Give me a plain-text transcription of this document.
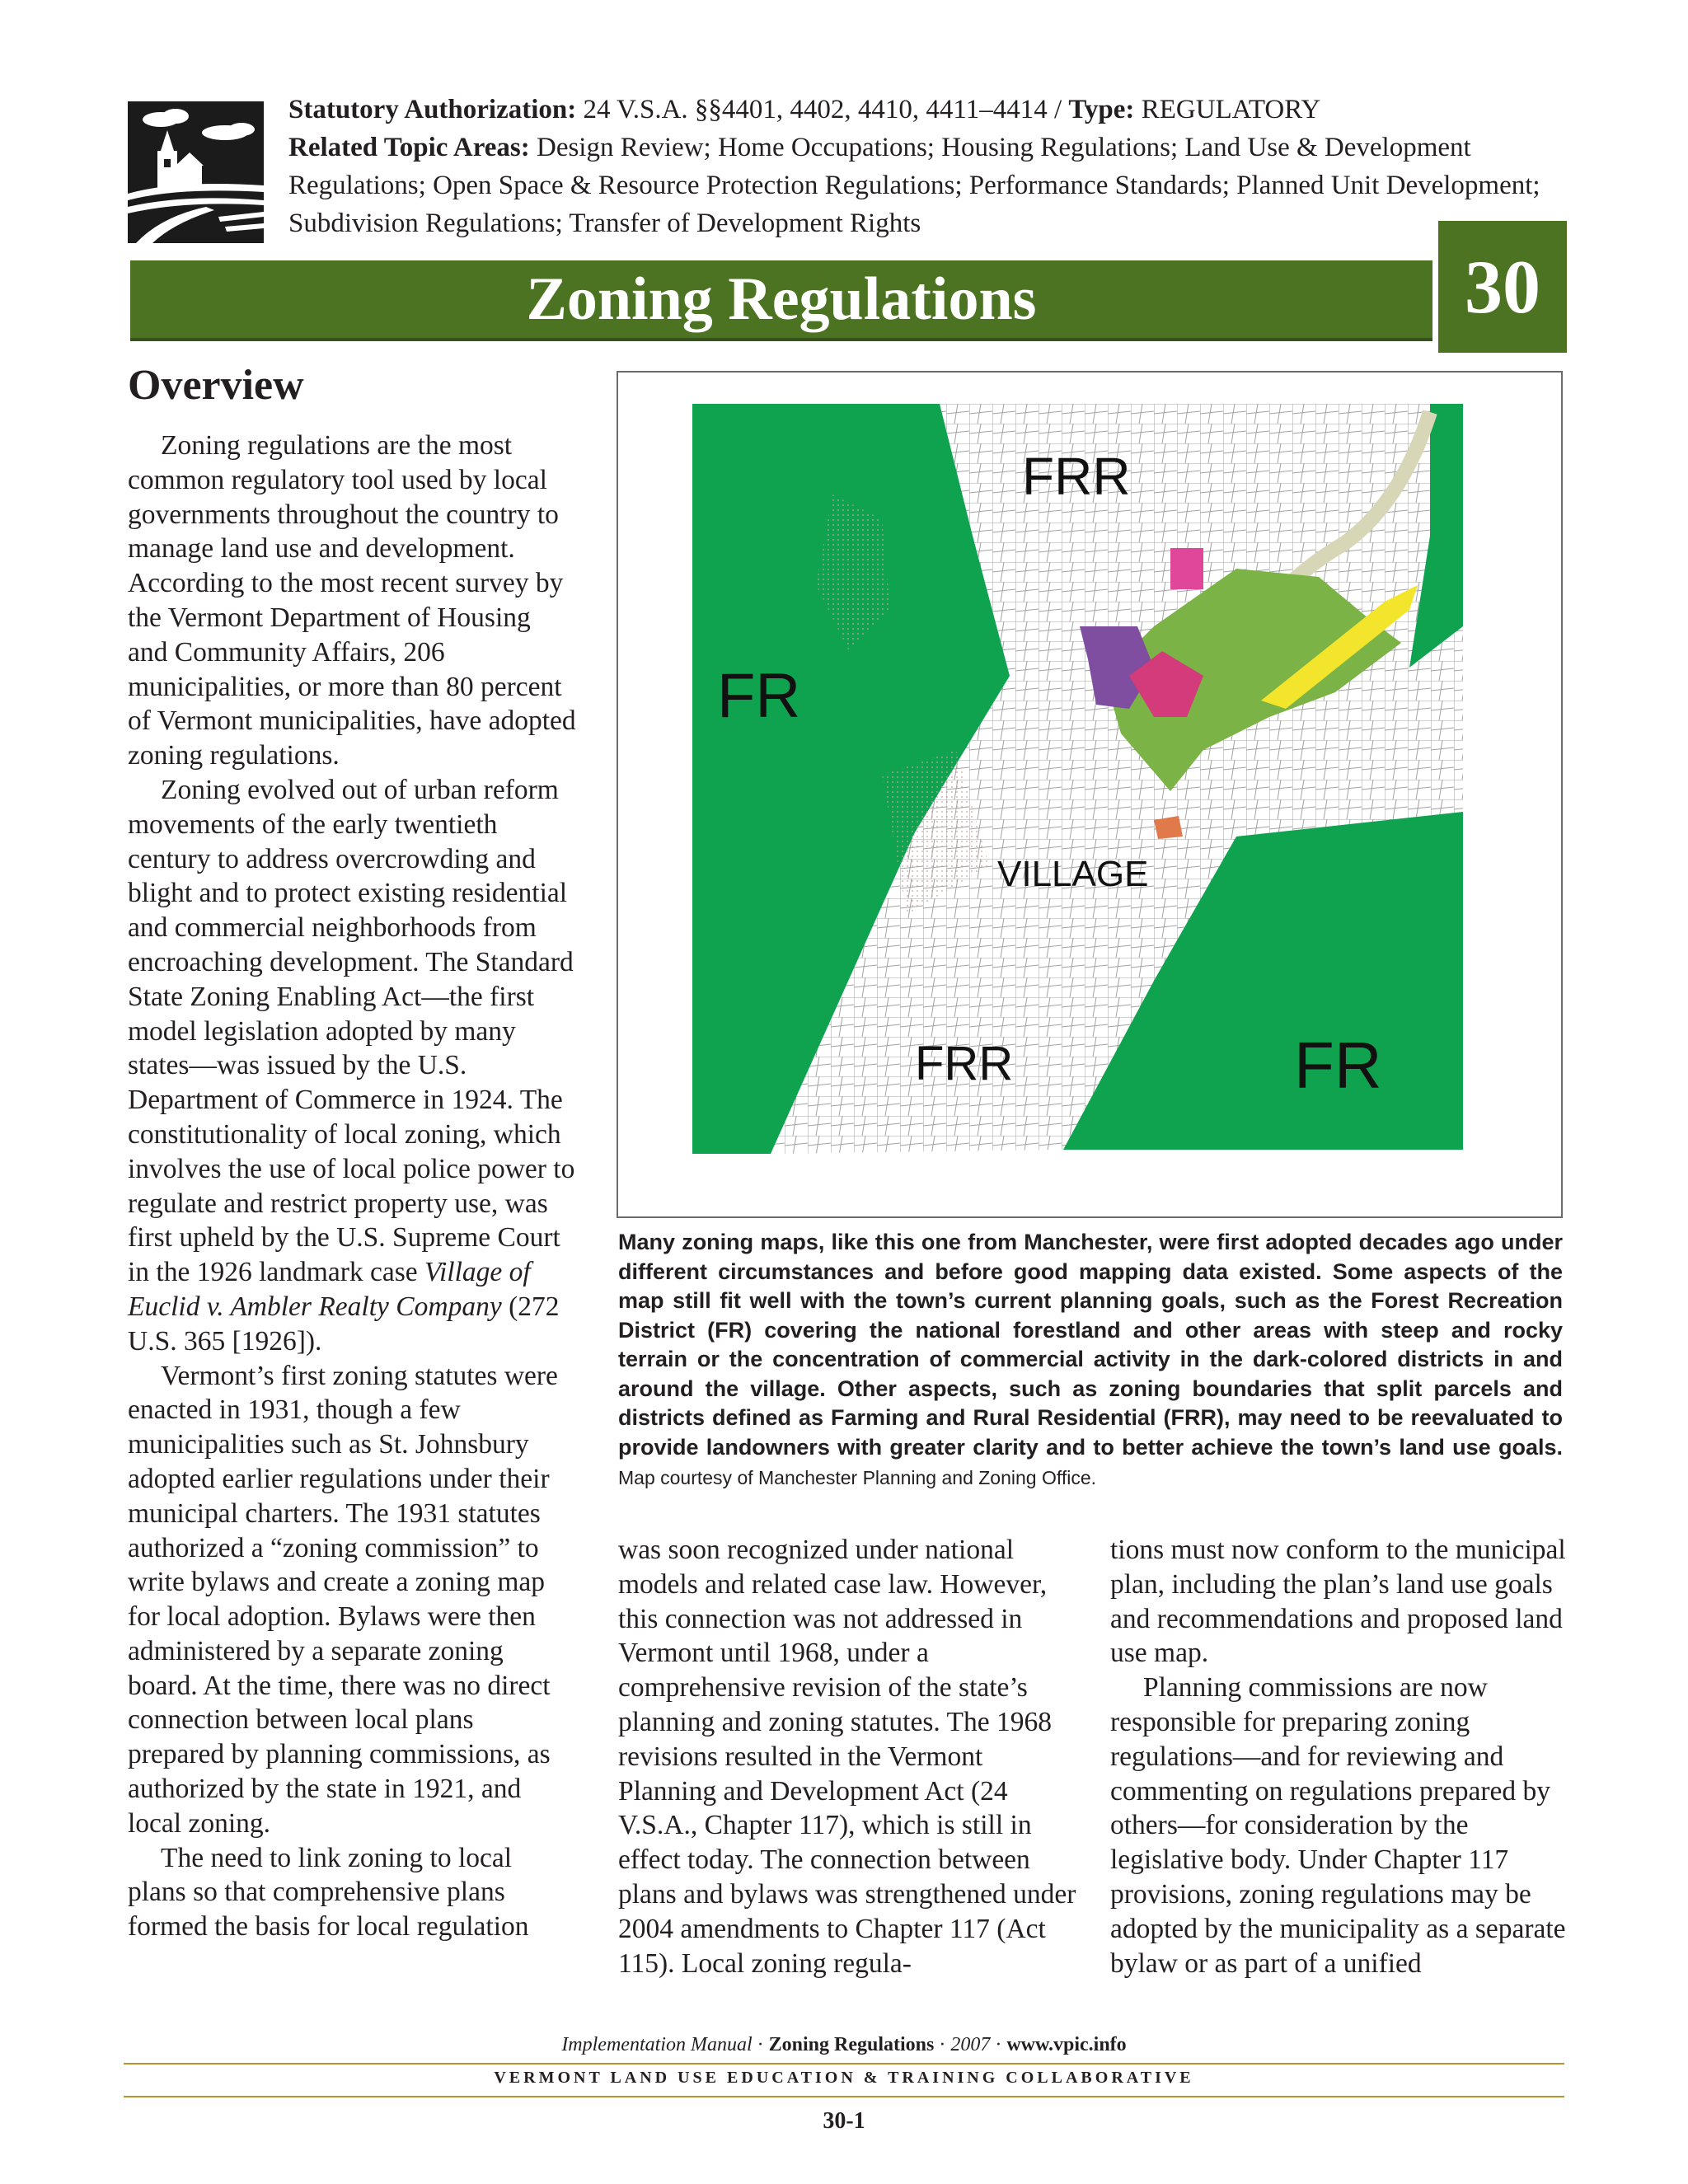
Statutory Authorization: 24 V.S.A. §§4401, 4402, 4410, 4411–4414 / Type: REGULATORY
Related Topic Areas: Design Review; Home Occupations; Housing Regulations; Land Use & Development Regulations; Open Space & Resource Protection Regulations; Performance Standards; Planned Unit Development; Subdivision Regulations; Transfer of Development Rights
Zoning Regulations	30
Overview

Zoning regulations are the most common regulatory tool used by local governments throughout the country to manage land use and development. According to the most recent survey by the Vermont Department of Housing and Community Affairs, 206 municipalities, or more than 80 percent of Vermont municipalities, have adopted zoning regulations.

Zoning evolved out of urban reform movements of the early twentieth century to address overcrowding and blight and to protect existing residential and commercial neighborhoods from encroaching development. The Standard State Zoning Enabling Act—the first model legislation adopted by many states—was issued by the U.S. Department of Commerce in 1924. The constitutionality of local zoning, which involves the use of local police power to regulate and restrict property use, was first upheld by the U.S. Supreme Court in the 1926 landmark case Village of Euclid v. Ambler Realty Company (272 U.S. 365 [1926]).

Vermont’s first zoning statutes were enacted in 1931, though a few municipalities such as St. Johnsbury adopted earlier regulations under their municipal charters. The 1931 statutes authorized a “zoning commission” to write bylaws and create a zoning map for local adoption. Bylaws were then administered by a separate zoning board. At the time, there was no direct connection between local plans prepared by planning commissions, as authorized by the state in 1921, and local zoning.

The need to link zoning to local plans so that comprehensive plans formed the basis for local regulation

FRR
FR
VILLAGE
FRR	FR
Many zoning maps, like this one from Manchester, were first adopted decades ago under different circumstances and before good mapping data existed. Some aspects of the map still fit well with the town’s current planning goals, such as the Forest Recreation District (FR) covering the national forestland and other areas with steep and rocky terrain or the concentration of commercial activity in the dark-colored districts in and around the village. Other aspects, such as zoning boundaries that split parcels and districts defined as Farming and Rural Residential (FRR), may need to be reevaluated to provide landowners with greater clarity and to better achieve the town’s land use goals. Map courtesy of Manchester Planning and Zoning Office.

was soon recognized under national models and related case law. However, this connection was not addressed in Vermont until 1968, under a comprehensive revision of the state’s planning and zoning statutes. The 1968 revisions resulted in the Vermont Planning and Development Act (24 V.S.A., Chapter 117), which is still in effect today. The connection between plans and bylaws was strengthened under 2004 amendments to Chapter 117 (Act 115). Local zoning regula-

tions must now conform to the municipal plan, including the plan’s land use goals and recommendations and proposed land use map.

Planning commissions are now responsible for preparing zoning regulations—and for reviewing and commenting on regulations prepared by others—for consideration by the legislative body. Under Chapter 117 provisions, zoning regulations may be adopted by the municipality as a separate bylaw or as part of a unified

Implementation Manual · Zoning Regulations · 2007 · www.vpic.info
VERMONT LAND USE EDUCATION & TRAINING COLLABORATIVE
30-1
